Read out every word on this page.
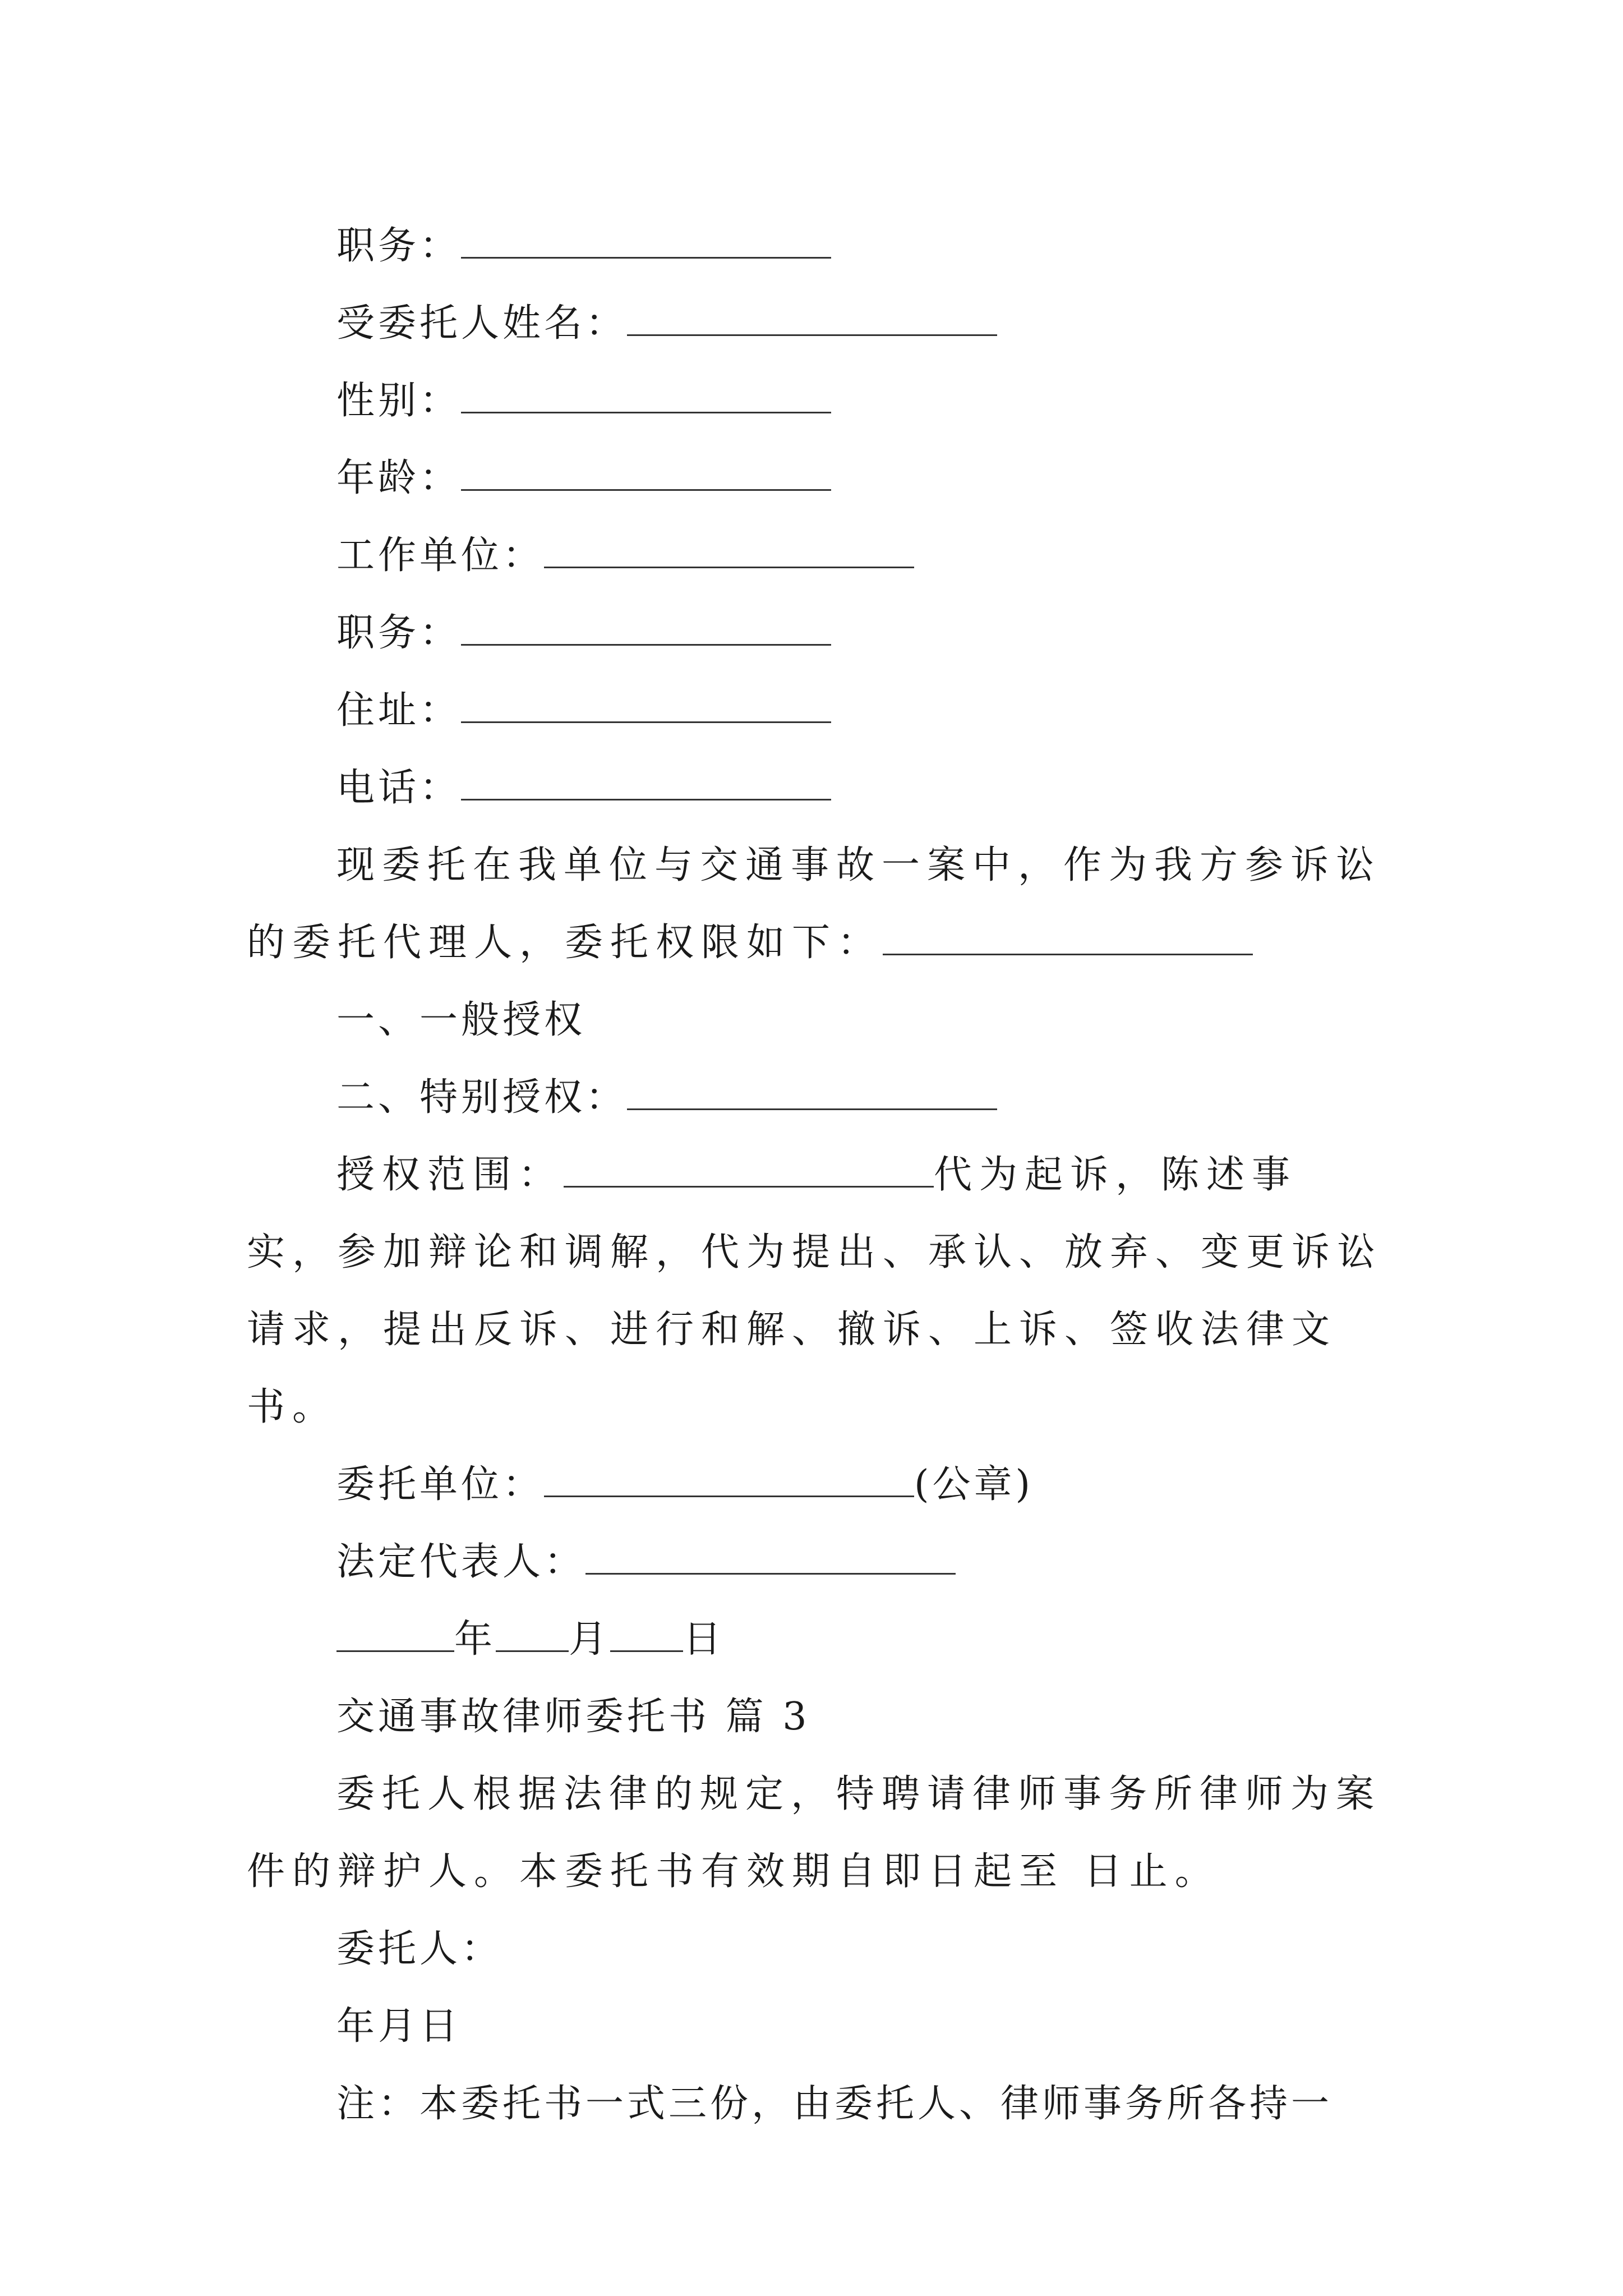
职务：

受委托人姓名：

性别：

年龄：

工作单位：

职务：

住址：

电话：

现委托在我单位与交通事故一案中，作为我方参诉讼的委托代理人，委托权限如下：

一、一般授权

二、特别授权：

授权范围：	代为起诉，陈述事实，参加辩论和调解，代为提出、承认、放弃、变更诉讼请求，提出反诉、进行和解、撤诉、上诉、签收法律文书。

委托单位：	(公章)

法定代表人：

年 月 日

交通事故律师委托书 篇 3

委托人根据法律的规定，特聘请律师事务所律师为案件的辩护人。本委托书有效期自即日起至 日止。

委托人：

年月日

注：本委托书一式三份，由委托人、律师事务所各持一
